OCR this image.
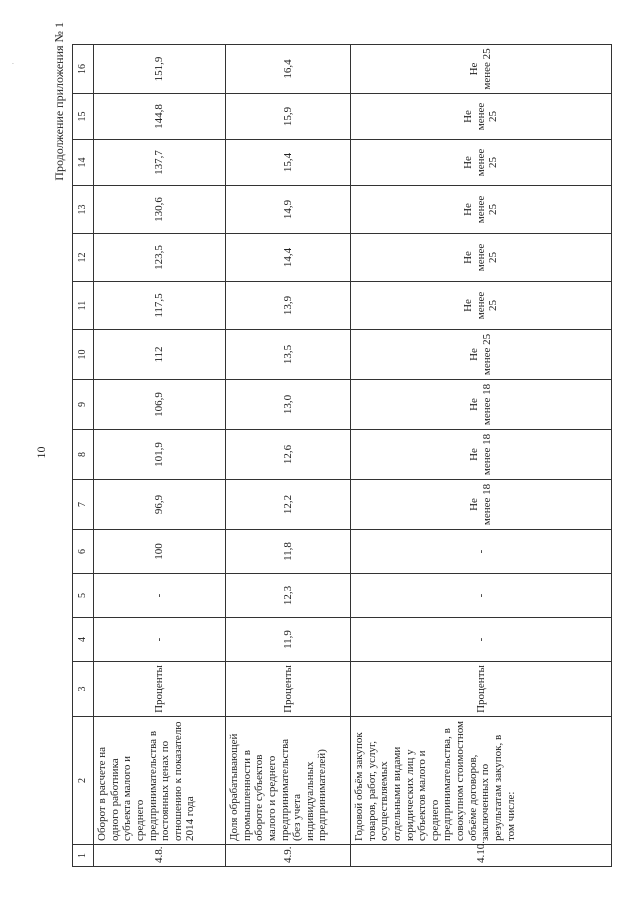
·
10
Продолжение приложения № 1
1	2	3	4	5	6	7	8	9	10	11	12	13	14	15	16
4.8.	Оборот в расчете на одного работника субъекта малого и среднего предпринимательства в постоянных ценах по отношению к показателю 2014 года	Проценты	-	-	100	96,9	101,9	106,9	112	117,5	123,5	130,6	137,7	144,8	151,9
4.9.	Доля обрабатывающей промышленности в обороте субъектов малого и среднего предпринимательства (без учета индивидуальных предпринимателей)	Проценты	11,9	12,3	11,8	12,2	12,6	13,0	13,5	13,9	14,4	14,9	15,4	15,9	16,4
4.10.	Годовой объём закупок товаров, работ, услуг, осуществляемых отдельными видами юридических лиц у субъектов малого и среднего предпринимательства, в совокупном стоимостном объёме договоров, заключенных по результатам закупок, в том числе:	Проценты	-	-	-	Не менее 18	Не менее 18	Не менее 18	Не менее 25	Не менее 25	Не менее 25	Не менее 25	Не менее 25	Не менее 25	Не менее 25
